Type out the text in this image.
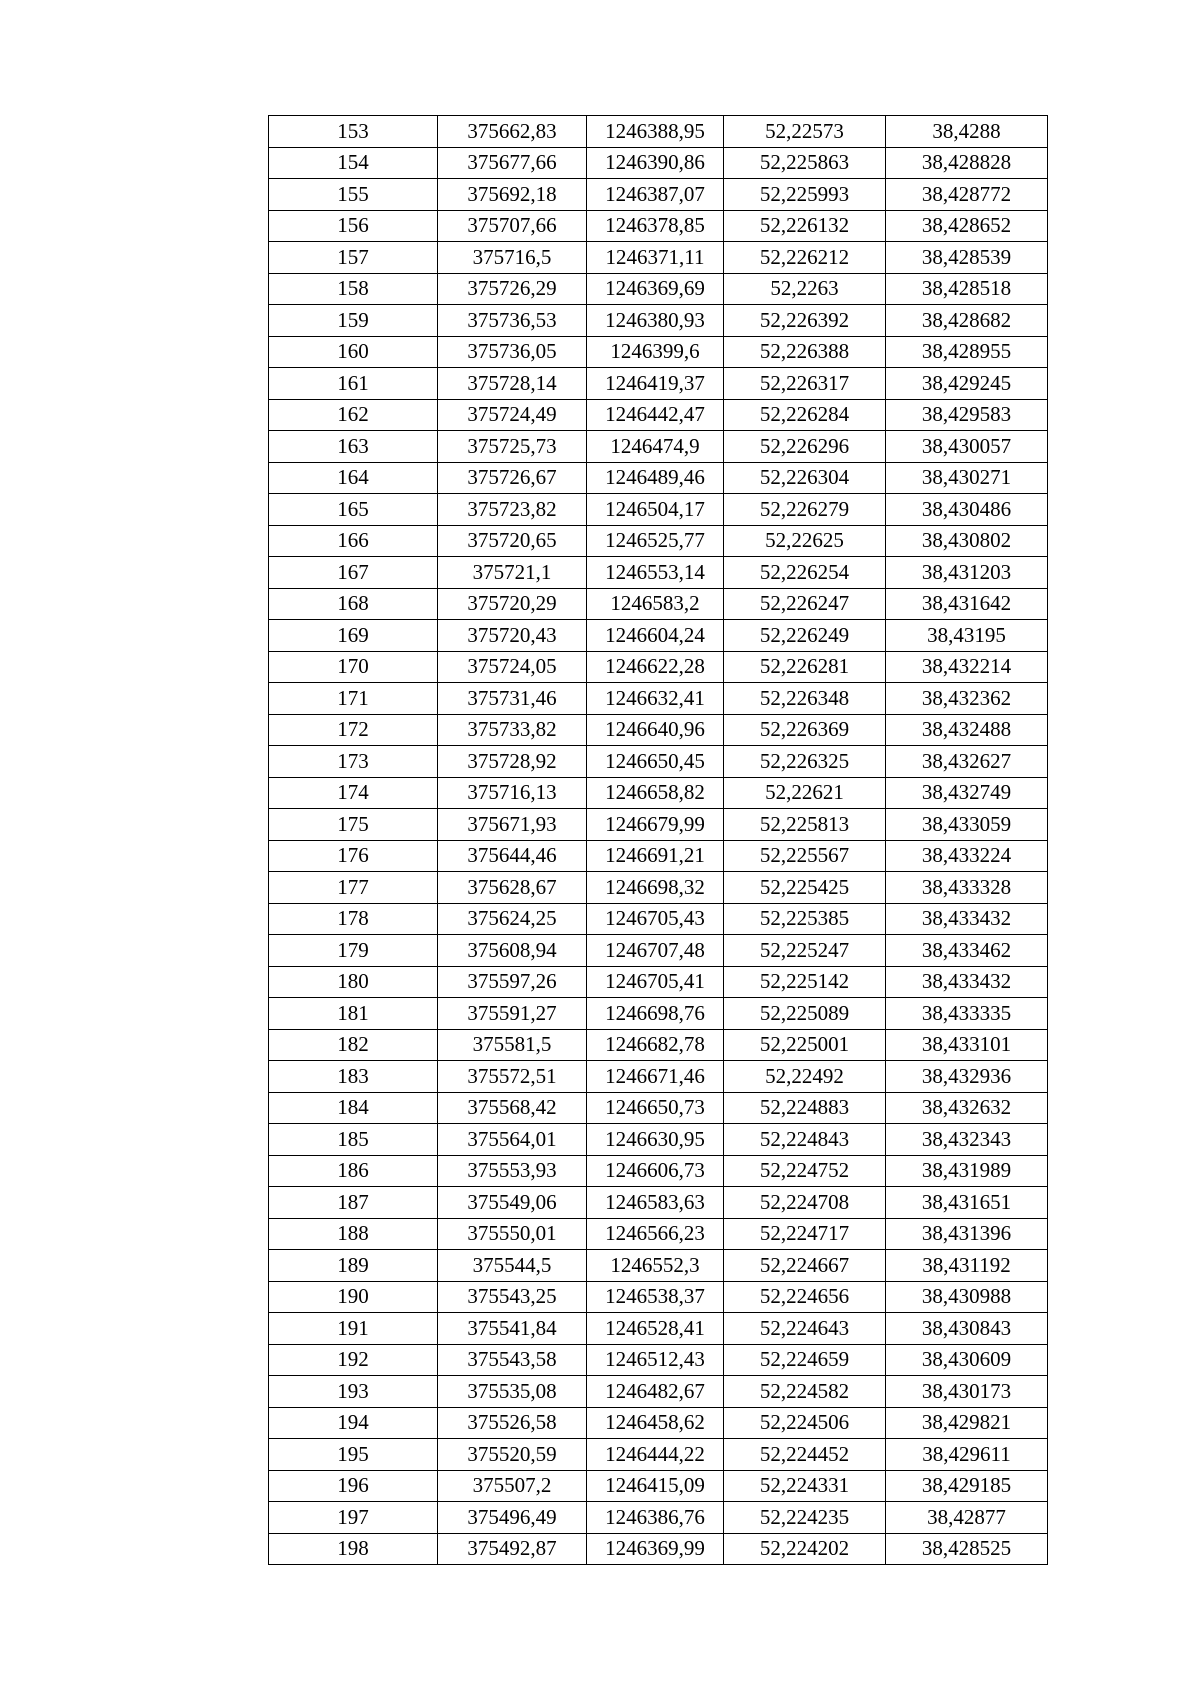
153	375662,83	1246388,95	52,22573	38,4288
154	375677,66	1246390,86	52,225863	38,428828
155	375692,18	1246387,07	52,225993	38,428772
156	375707,66	1246378,85	52,226132	38,428652
157	375716,5	1246371,11	52,226212	38,428539
158	375726,29	1246369,69	52,2263	38,428518
159	375736,53	1246380,93	52,226392	38,428682
160	375736,05	1246399,6	52,226388	38,428955
161	375728,14	1246419,37	52,226317	38,429245
162	375724,49	1246442,47	52,226284	38,429583
163	375725,73	1246474,9	52,226296	38,430057
164	375726,67	1246489,46	52,226304	38,430271
165	375723,82	1246504,17	52,226279	38,430486
166	375720,65	1246525,77	52,22625	38,430802
167	375721,1	1246553,14	52,226254	38,431203
168	375720,29	1246583,2	52,226247	38,431642
169	375720,43	1246604,24	52,226249	38,43195
170	375724,05	1246622,28	52,226281	38,432214
171	375731,46	1246632,41	52,226348	38,432362
172	375733,82	1246640,96	52,226369	38,432488
173	375728,92	1246650,45	52,226325	38,432627
174	375716,13	1246658,82	52,22621	38,432749
175	375671,93	1246679,99	52,225813	38,433059
176	375644,46	1246691,21	52,225567	38,433224
177	375628,67	1246698,32	52,225425	38,433328
178	375624,25	1246705,43	52,225385	38,433432
179	375608,94	1246707,48	52,225247	38,433462
180	375597,26	1246705,41	52,225142	38,433432
181	375591,27	1246698,76	52,225089	38,433335
182	375581,5	1246682,78	52,225001	38,433101
183	375572,51	1246671,46	52,22492	38,432936
184	375568,42	1246650,73	52,224883	38,432632
185	375564,01	1246630,95	52,224843	38,432343
186	375553,93	1246606,73	52,224752	38,431989
187	375549,06	1246583,63	52,224708	38,431651
188	375550,01	1246566,23	52,224717	38,431396
189	375544,5	1246552,3	52,224667	38,431192
190	375543,25	1246538,37	52,224656	38,430988
191	375541,84	1246528,41	52,224643	38,430843
192	375543,58	1246512,43	52,224659	38,430609
193	375535,08	1246482,67	52,224582	38,430173
194	375526,58	1246458,62	52,224506	38,429821
195	375520,59	1246444,22	52,224452	38,429611
196	375507,2	1246415,09	52,224331	38,429185
197	375496,49	1246386,76	52,224235	38,42877
198	375492,87	1246369,99	52,224202	38,428525
